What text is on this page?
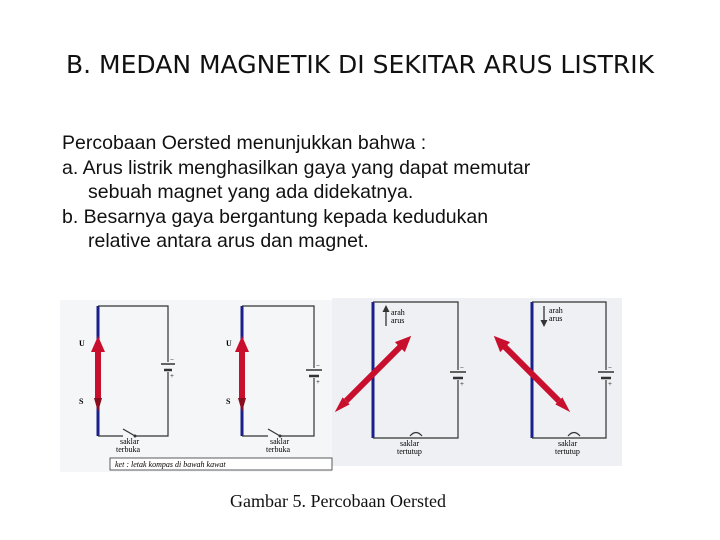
B. MEDAN MAGNETIK DI SEKITAR ARUS LISTRIK
Percobaan Oersted menunjukkan bahwa :
a. Arus listrik menghasilkan gaya yang dapat memutar
sebuah magnet yang ada didekatnya.
b. Besarnya gaya bergantung kepada kedudukan
relative antara arus dan magnet.
−
+
U
S
saklar
terbuka
−
+
U
S
saklar
terbuka
ket : letak kompas di bawah kawat
−
+
arah
arus
saklar
tertutup
−
+
arah
arus
saklar
tertutup
Gambar 5. Percobaan Oersted
